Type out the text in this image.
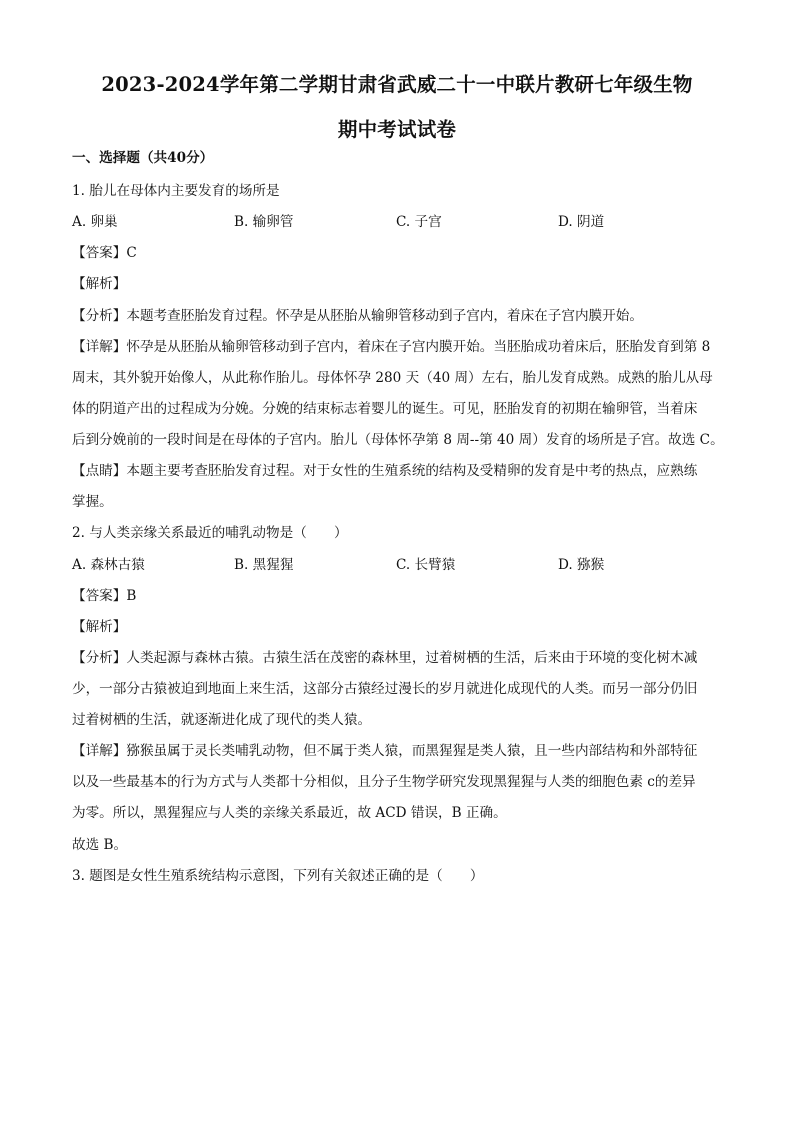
2023-2024学年第二学期甘肃省武威二十一中联片教研七年级生物
期中考试试卷
一、选择题（共40分）
1. 胎儿在母体内主要发育的场所是
A. 卵巢	B. 输卵管	C. 子宫	D. 阴道
【答案】C
【解析】
【分析】本题考查胚胎发育过程。怀孕是从胚胎从输卵管移动到子宫内，着床在子宫内膜开始。
【详解】怀孕是从胚胎从输卵管移动到子宫内，着床在子宫内膜开始。当胚胎成功着床后，胚胎发育到第 8
周末，其外貌开始像人，从此称作胎儿。母体怀孕 280 天（40 周）左右，胎儿发育成熟。成熟的胎儿从母
体的阴道产出的过程成为分娩。分娩的结束标志着婴儿的诞生。可见，胚胎发育的初期在输卵管，当着床
后到分娩前的一段时间是在母体的子宫内。胎儿（母体怀孕第 8 周--第 40 周）发育的场所是子宫。故选 C。
【点睛】本题主要考查胚胎发育过程。对于女性的生殖系统的结构及受精卵的发育是中考的热点，应熟练
掌握。
2. 与人类亲缘关系最近的哺乳动物是（　　）
A. 森林古猿	B. 黑猩猩	C. 长臂猿	D. 猕猴
【答案】B
【解析】
【分析】人类起源与森林古猿。古猿生活在茂密的森林里，过着树栖的生活，后来由于环境的变化树木减
少，一部分古猿被迫到地面上来生活，这部分古猿经过漫长的岁月就进化成现代的人类。而另一部分仍旧
过着树栖的生活，就逐渐进化成了现代的类人猿。
【详解】猕猴虽属于灵长类哺乳动物，但不属于类人猿，而黑猩猩是类人猿，且一些内部结构和外部特征
以及一些最基本的行为方式与人类都十分相似，且分子生物学研究发现黑猩猩与人类的细胞色素 c的差异
为零。所以，黑猩猩应与人类的亲缘关系最近，故 ACD 错误，B 正确。
故选 B。
3. 题图是女性生殖系统结构示意图，下列有关叙述正确的是（　　）
